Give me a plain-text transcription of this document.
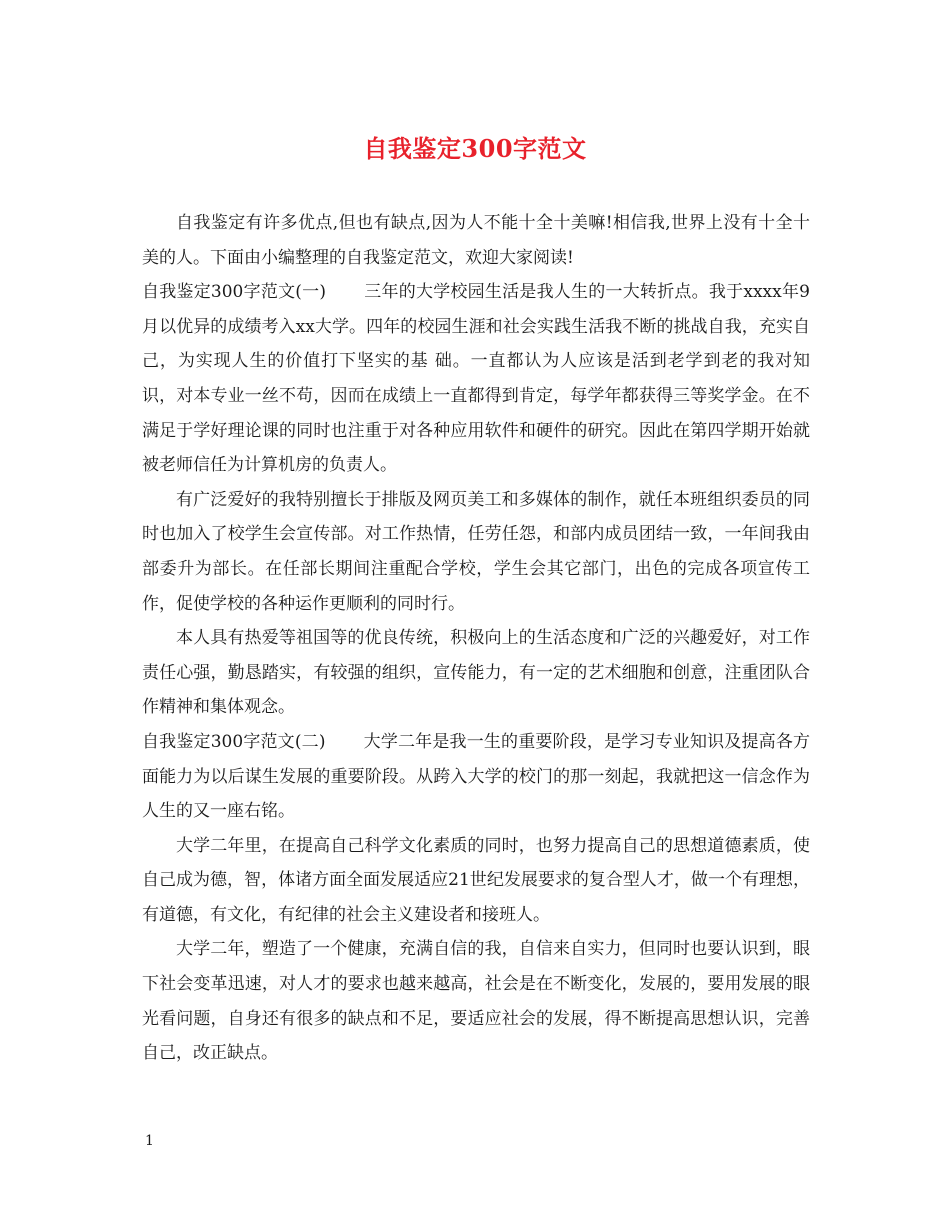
自我鉴定300字范文

自我鉴定有许多优点,但也有缺点,因为人不能十全十美嘛!相信我,世界上没有十全十美的人。下面由小编整理的自我鉴定范文，欢迎大家阅读!

自我鉴定300字范文(一) 三年的大学校园生活是我人生的一大转折点。我于xxxx年9月以优异的成绩考入xx大学。四年的校园生涯和社会实践生活我不断的挑战自我，充实自己，为实现人生的价值打下坚实的基 础。一直都认为人应该是活到老学到老的我对知识，对本专业一丝不苟，因而在成绩上一直都得到肯定，每学年都获得三等奖学金。在不满足于学好理论课的同时也注重于对各种应用软件和硬件的研究。因此在第四学期开始就被老师信任为计算机房的负责人。

有广泛爱好的我特别擅长于排版及网页美工和多媒体的制作，就任本班组织委员的同时也加入了校学生会宣传部。对工作热情，任劳任怨，和部内成员团结一致，一年间我由部委升为部长。在任部长期间注重配合学校，学生会其它部门，出色的完成各项宣传工作，促使学校的各种运作更顺利的同时行。

本人具有热爱等祖国等的优良传统，积极向上的生活态度和广泛的兴趣爱好，对工作责任心强，勤恳踏实，有较强的组织，宣传能力，有一定的艺术细胞和创意，注重团队合作精神和集体观念。

自我鉴定300字范文(二) 大学二年是我一生的重要阶段，是学习专业知识及提高各方面能力为以后谋生发展的重要阶段。从跨入大学的校门的那一刻起，我就把这一信念作为人生的又一座右铭。

大学二年里，在提高自己科学文化素质的同时，也努力提高自己的思想道德素质，使自己成为德，智，体诸方面全面发展适应21世纪发展要求的复合型人才，做一个有理想，有道德，有文化，有纪律的社会主义建设者和接班人。

大学二年，塑造了一个健康，充满自信的我，自信来自实力，但同时也要认识到，眼下社会变革迅速，对人才的要求也越来越高，社会是在不断变化，发展的，要用发展的眼光看问题，自身还有很多的缺点和不足，要适应社会的发展，得不断提高思想认识，完善自己，改正缺点。

1
